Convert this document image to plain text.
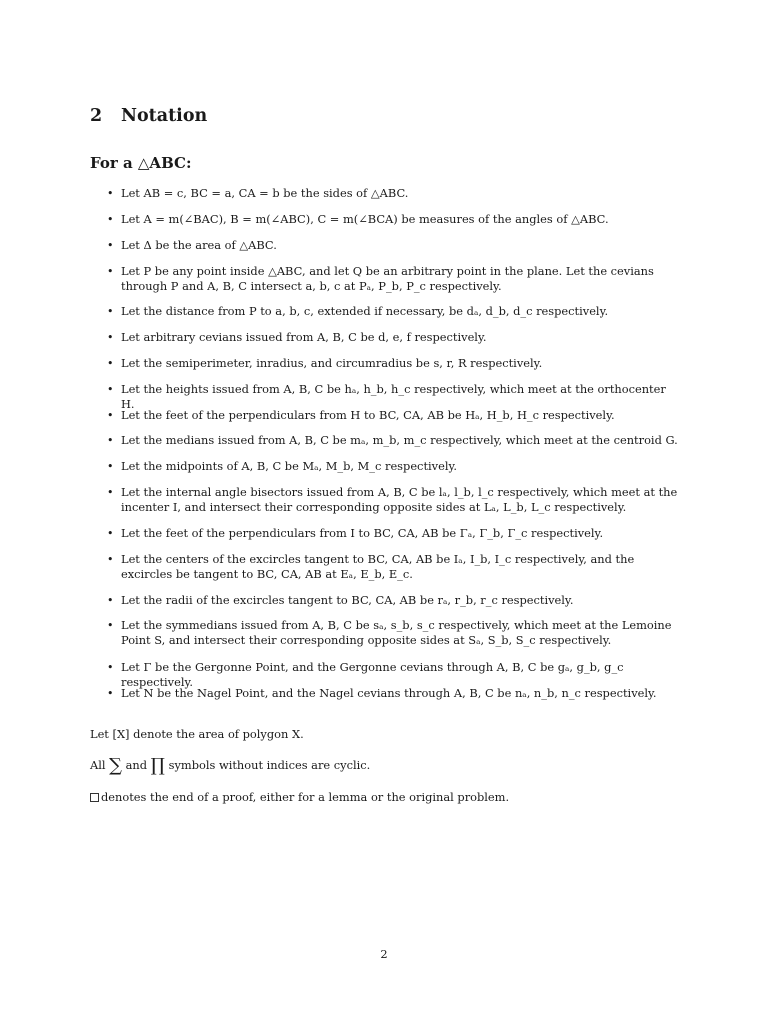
2 Notation
For a △ABC:
• Let AB = c, BC = a, CA = b be the sides of △ABC.
• Let A = m(∠BAC), B = m(∠ABC), C = m(∠BCA) be measures of the angles of △ABC.
• Let Δ be the area of △ABC.
• Let P be any point inside △ABC, and let Q be an arbitrary point in the plane. Let the cevians through P and A, B, C intersect a, b, c at Pₐ, P_b, P_c respectively.
• Let the distance from P to a, b, c, extended if necessary, be dₐ, d_b, d_c respectively.
• Let arbitrary cevians issued from A, B, C be d, e, f respectively.
• Let the semiperimeter, inradius, and circumradius be s, r, R respectively.
• Let the heights issued from A, B, C be hₐ, h_b, h_c respectively, which meet at the orthocenter H.
• Let the feet of the perpendiculars from H to BC, CA, AB be Hₐ, H_b, H_c respectively.
• Let the medians issued from A, B, C be mₐ, m_b, m_c respectively, which meet at the centroid G.
• Let the midpoints of A, B, C be Mₐ, M_b, M_c respectively.
• Let the internal angle bisectors issued from A, B, C be lₐ, l_b, l_c respectively, which meet at the incenter I, and intersect their corresponding opposite sides at Lₐ, L_b, L_c respectively.
• Let the feet of the perpendiculars from I to BC, CA, AB be Γₐ, Γ_b, Γ_c respectively.
• Let the centers of the excircles tangent to BC, CA, AB be Iₐ, I_b, I_c respectively, and the excircles be tangent to BC, CA, AB at Eₐ, E_b, E_c.
• Let the radii of the excircles tangent to BC, CA, AB be rₐ, r_b, r_c respectively.
• Let the symmedians issued from A, B, C be sₐ, s_b, s_c respectively, which meet at the Lemoine Point S, and intersect their corresponding opposite sides at Sₐ, S_b, S_c respectively.
• Let Γ be the Gergonne Point, and the Gergonne cevians through A, B, C be gₐ, g_b, g_c respectively.
• Let N be the Nagel Point, and the Nagel cevians through A, B, C be nₐ, n_b, n_c respectively.

Let [X] denote the area of polygon X.

All ∑ and ∏ symbols without indices are cyclic.

denotes the end of a proof, either for a lemma or the original problem.

2
